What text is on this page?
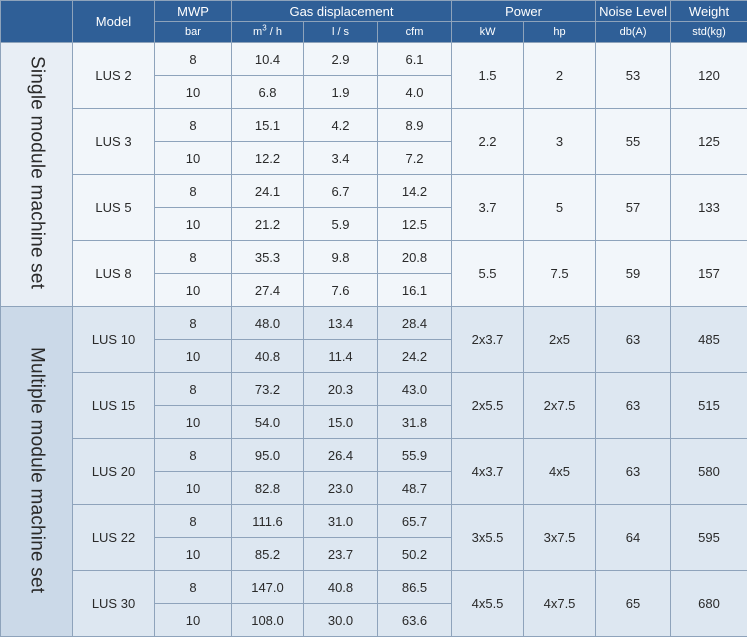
	Model	MWP	Gas displacement			Power		Noise Level	Weight
		bar	$m^3$ / h	l / s	cfm	kW	hp	db(A)	std(kg)
Single module machine set	LUS 2	8	10.4	2.9	6.1	1.5	2	53	120
		10	6.8	1.9	4.0				
	LUS 3	8	15.1	4.2	8.9	2.2	3	55	125
		10	12.2	3.4	7.2				
	LUS 5	8	24.1	6.7	14.2	3.7	5	57	133
		10	21.2	5.9	12.5				
	LUS 8	8	35.3	9.8	20.8	5.5	7.5	59	157
		10	27.4	7.6	16.1				
Multiple module machine set	LUS 10	8	48.0	13.4	28.4	2x3.7	2x5	63	485
		10	40.8	11.4	24.2				
	LUS 15	8	73.2	20.3	43.0	2x5.5	2x7.5	63	515
		10	54.0	15.0	31.8				
	LUS 20	8	95.0	26.4	55.9	4x3.7	4x5	63	580
		10	82.8	23.0	48.7				
	LUS 22	8	111.6	31.0	65.7	3x5.5	3x7.5	64	595
		10	85.2	23.7	50.2				
	LUS 30	8	147.0	40.8	86.5	4x5.5	4x7.5	65	680
		10	108.0	30.0	63.6				
